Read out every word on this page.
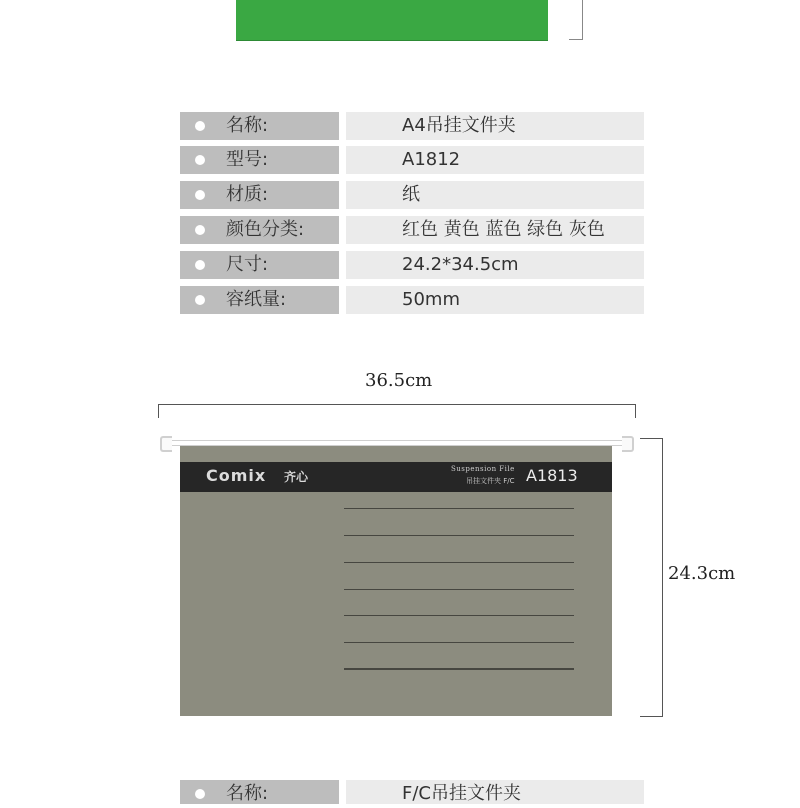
名称:	A4吊挂文件夹
型号:	A1812
材质:	纸
颜色分类:	红色 黄色 蓝色 绿色 灰色
尺寸:	24.2*34.5cm
容纸量:	50mm
36.5cm
Comix 齐心
Suspension File
吊挂文件夹 F/C A1813
24.3cm
名称:	F/C吊挂文件夹
